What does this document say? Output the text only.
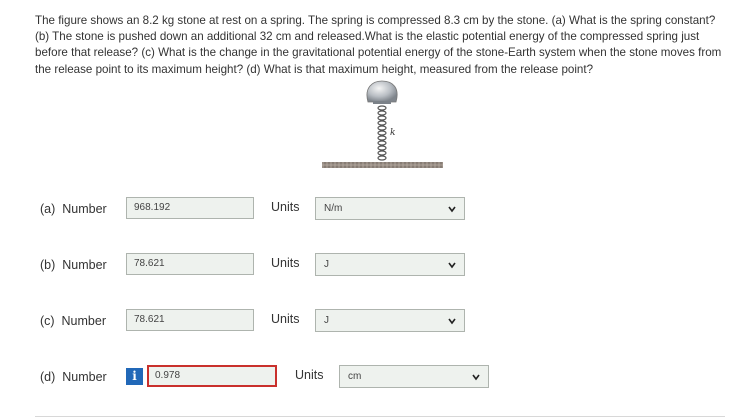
The figure shows an 8.2 kg stone at rest on a spring. The spring is compressed 8.3 cm by the stone. (a) What is the spring constant? (b) The stone is pushed down an additional 32 cm and released.What is the elastic potential energy of the compressed spring just before that release? (c) What is the change in the gravitational potential energy of the stone-Earth system when the stone moves from the release point to its maximum height? (d) What is that maximum height, measured from the release point?
k
(a) Number	968.192	Units	N/m
(b) Number	78.621	Units	J
(c) Number	78.621	Units	J
(d) Number	i	0.978	Units	cm
